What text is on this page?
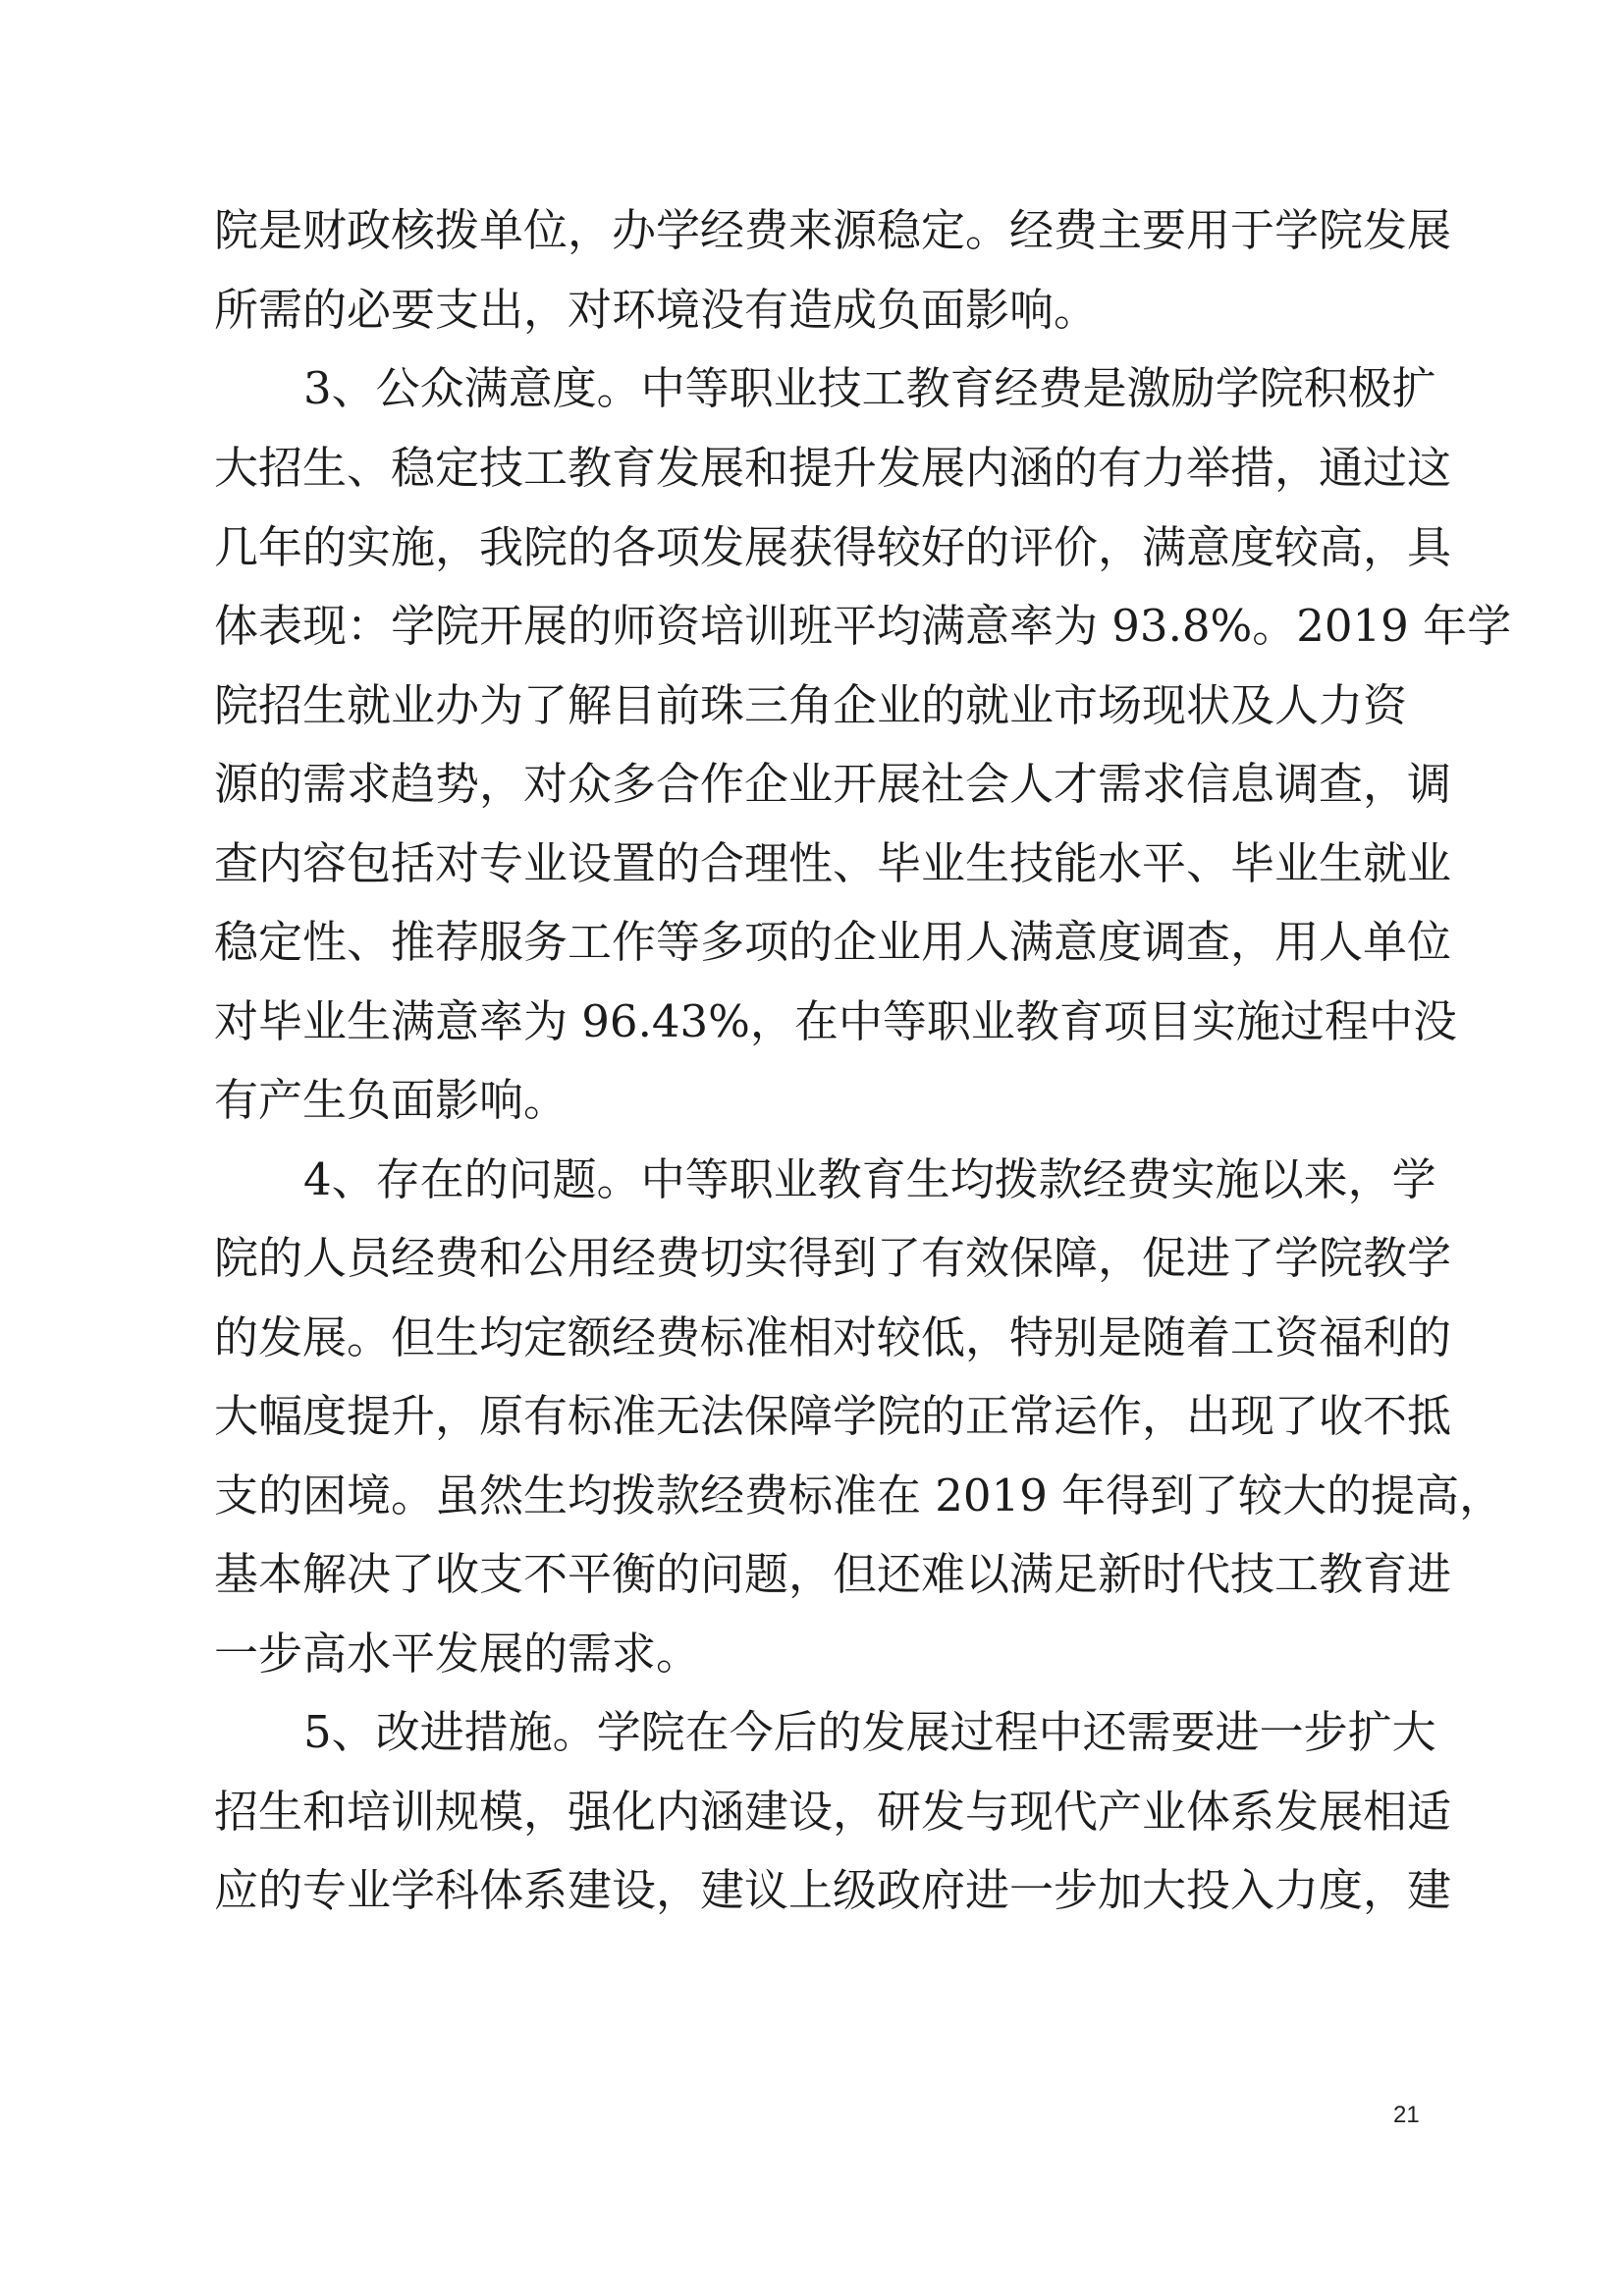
院是财政核拨单位，办学经费来源稳定。经费主要用于学院发展
所需的必要支出，对环境没有造成负面影响。
3、公众满意度。中等职业技工教育经费是激励学院积极扩
大招生、稳定技工教育发展和提升发展内涵的有力举措，通过这
几年的实施，我院的各项发展获得较好的评价，满意度较高，具
体表现：学院开展的师资培训班平均满意率为 93.8%。2019 年学
院招生就业办为了解目前珠三角企业的就业市场现状及人力资
源的需求趋势，对众多合作企业开展社会人才需求信息调查，调
查内容包括对专业设置的合理性、毕业生技能水平、毕业生就业
稳定性、推荐服务工作等多项的企业用人满意度调查，用人单位
对毕业生满意率为 96.43%，在中等职业教育项目实施过程中没
有产生负面影响。
4、存在的问题。中等职业教育生均拨款经费实施以来，学
院的人员经费和公用经费切实得到了有效保障，促进了学院教学
的发展。但生均定额经费标准相对较低，特别是随着工资福利的
大幅度提升，原有标准无法保障学院的正常运作，出现了收不抵
支的困境。虽然生均拨款经费标准在 2019 年得到了较大的提高，
基本解决了收支不平衡的问题，但还难以满足新时代技工教育进
一步高水平发展的需求。
5、改进措施。学院在今后的发展过程中还需要进一步扩大
招生和培训规模，强化内涵建设，研发与现代产业体系发展相适
应的专业学科体系建设，建议上级政府进一步加大投入力度，建
21
